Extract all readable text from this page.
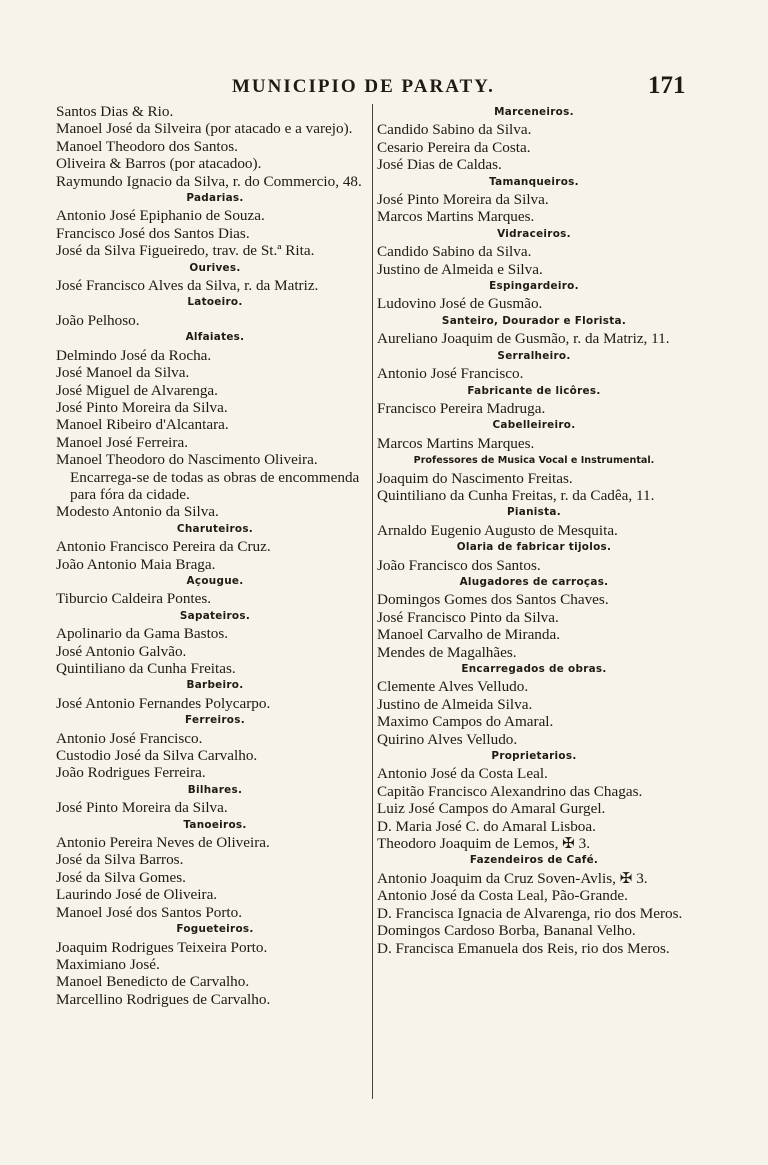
MUNICIPIO DE PARATY.	171
Santos Dias & Rio.
Manoel José da Silveira (por atacado e a varejo).
Manoel Theodoro dos Santos.
Oliveira & Barros (por atacadoo).
Raymundo Ignacio da Silva, r. do Commercio, 48.
Padarias.
Antonio José Epiphanio de Souza.
Francisco José dos Santos Dias.
José da Silva Figueiredo, trav. de St.ª Rita.
Ourives.
José Francisco Alves da Silva, r. da Matriz.
Latoeiro.
João Pelhoso.
Alfaiates.
Delmindo José da Rocha.
José Manoel da Silva.
José Miguel de Alvarenga.
José Pinto Moreira da Silva.
Manoel Ribeiro d'Alcantara.
Manoel José Ferreira.
Manoel Theodoro do Nascimento Oliveira. Encarrega-se de todas as obras de encommenda para fóra da cidade.
Modesto Antonio da Silva.
Charuteiros.
Antonio Francisco Pereira da Cruz.
João Antonio Maia Braga.
Açougue.
Tiburcio Caldeira Pontes.
Sapateiros.
Apolinario da Gama Bastos.
José Antonio Galvão.
Quintiliano da Cunha Freitas.
Barbeiro.
José Antonio Fernandes Polycarpo.
Ferreiros.
Antonio José Francisco.
Custodio José da Silva Carvalho.
João Rodrigues Ferreira.
Bilhares.
José Pinto Moreira da Silva.
Tanoeiros.
Antonio Pereira Neves de Oliveira.
José da Silva Barros.
José da Silva Gomes.
Laurindo José de Oliveira.
Manoel José dos Santos Porto.
Fogueteiros.
Joaquim Rodrigues Teixeira Porto.
Maximiano José.
Manoel Benedicto de Carvalho.
Marcellino Rodrigues de Carvalho.
Marceneiros.
Candido Sabino da Silva.
Cesario Pereira da Costa.
José Dias de Caldas.
Tamanqueiros.
José Pinto Moreira da Silva.
Marcos Martins Marques.
Vidraceiros.
Candido Sabino da Silva.
Justino de Almeida e Silva.
Espingardeiro.
Ludovino José de Gusmão.
Santeiro, Dourador e Florista.
Aureliano Joaquim de Gusmão, r. da Matriz, 11.
Serralheiro.
Antonio José Francisco.
Fabricante de licôres.
Francisco Pereira Madruga.
Cabelleireiro.
Marcos Martins Marques.
Professores de Musica Vocal e Instrumental.
Joaquim do Nascimento Freitas.
Quintiliano da Cunha Freitas, r. da Cadêa, 11.
Pianista.
Arnaldo Eugenio Augusto de Mesquita.
Olaria de fabricar tijolos.
João Francisco dos Santos.
Alugadores de carroças.
Domingos Gomes dos Santos Chaves.
José Francisco Pinto da Silva.
Manoel Carvalho de Miranda.
Mendes de Magalhães.
Encarregados de obras.
Clemente Alves Velludo.
Justino de Almeida Silva.
Maximo Campos do Amaral.
Quirino Alves Velludo.
Proprietarios.
Antonio José da Costa Leal.
Capitão Francisco Alexandrino das Chagas.
Luiz José Campos do Amaral Gurgel.
D. Maria José C. do Amaral Lisboa.
Theodoro Joaquim de Lemos, ✠ 3.
Fazendeiros de Café.
Antonio Joaquim da Cruz Soven-Avlis, ✠ 3.
Antonio José da Costa Leal, Pão-Grande.
D. Francisca Ignacia de Alvarenga, rio dos Meros.
Domingos Cardoso Borba, Bananal Velho.
D. Francisca Emanuela dos Reis, rio dos Meros.
